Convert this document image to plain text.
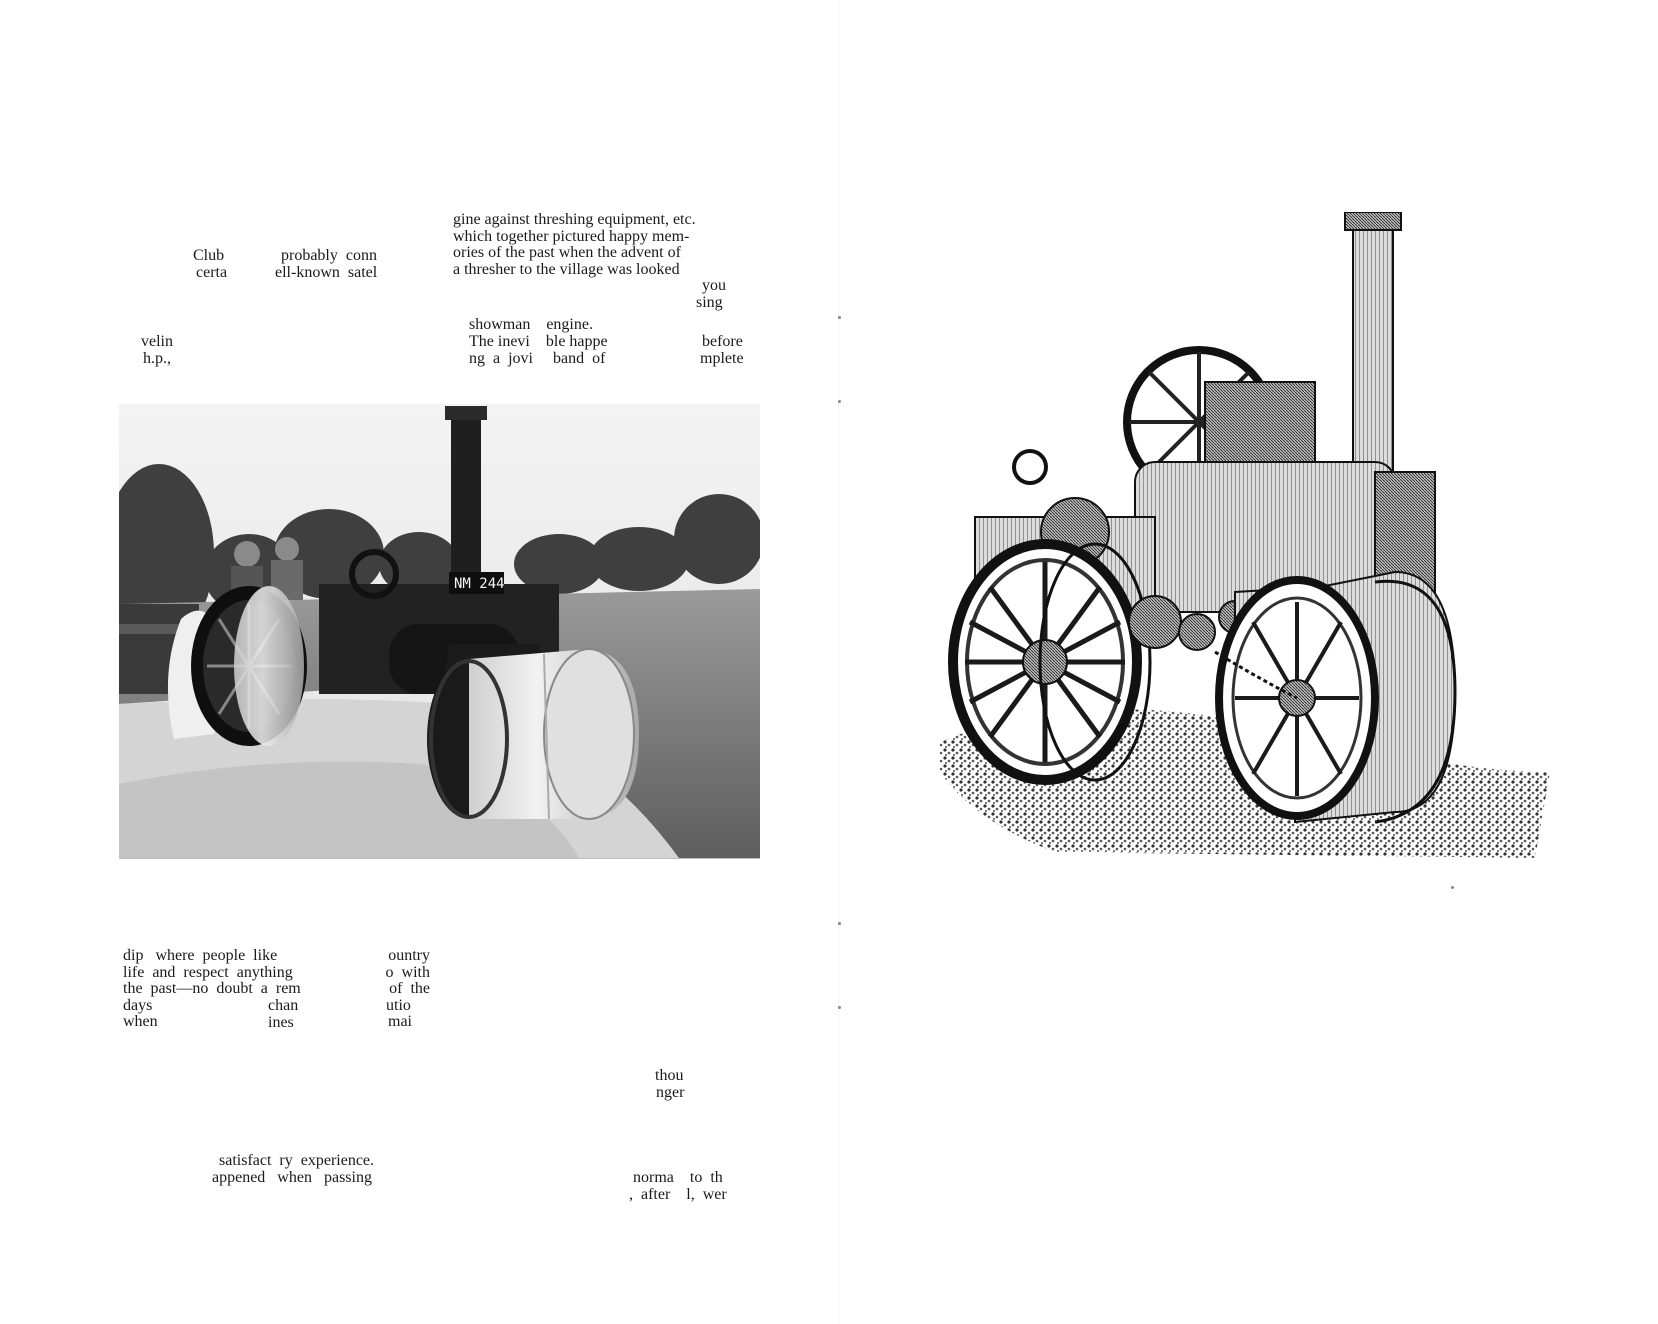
Club
certa
probably  conn
ell-known  satel
velin
h.p.,
gine against threshing equipment, etc.
which together pictured happy mem-
ories of the past when the advent of
a thresher to the village was looked
you
sing
showman    engine.
The inevi    ble happe
ng  a  jovi     band  of
before
mplete
NM 244
dip   where  people  like
life  and  respect  anything
the  past—no  doubt  a  rem
days
when
chan
ines
ountry
o  with
of  the
utio
mai
thou
nger
satisfact  ry  experience.
appened   when   passing	norma    to  th
,  after    l,  wer
